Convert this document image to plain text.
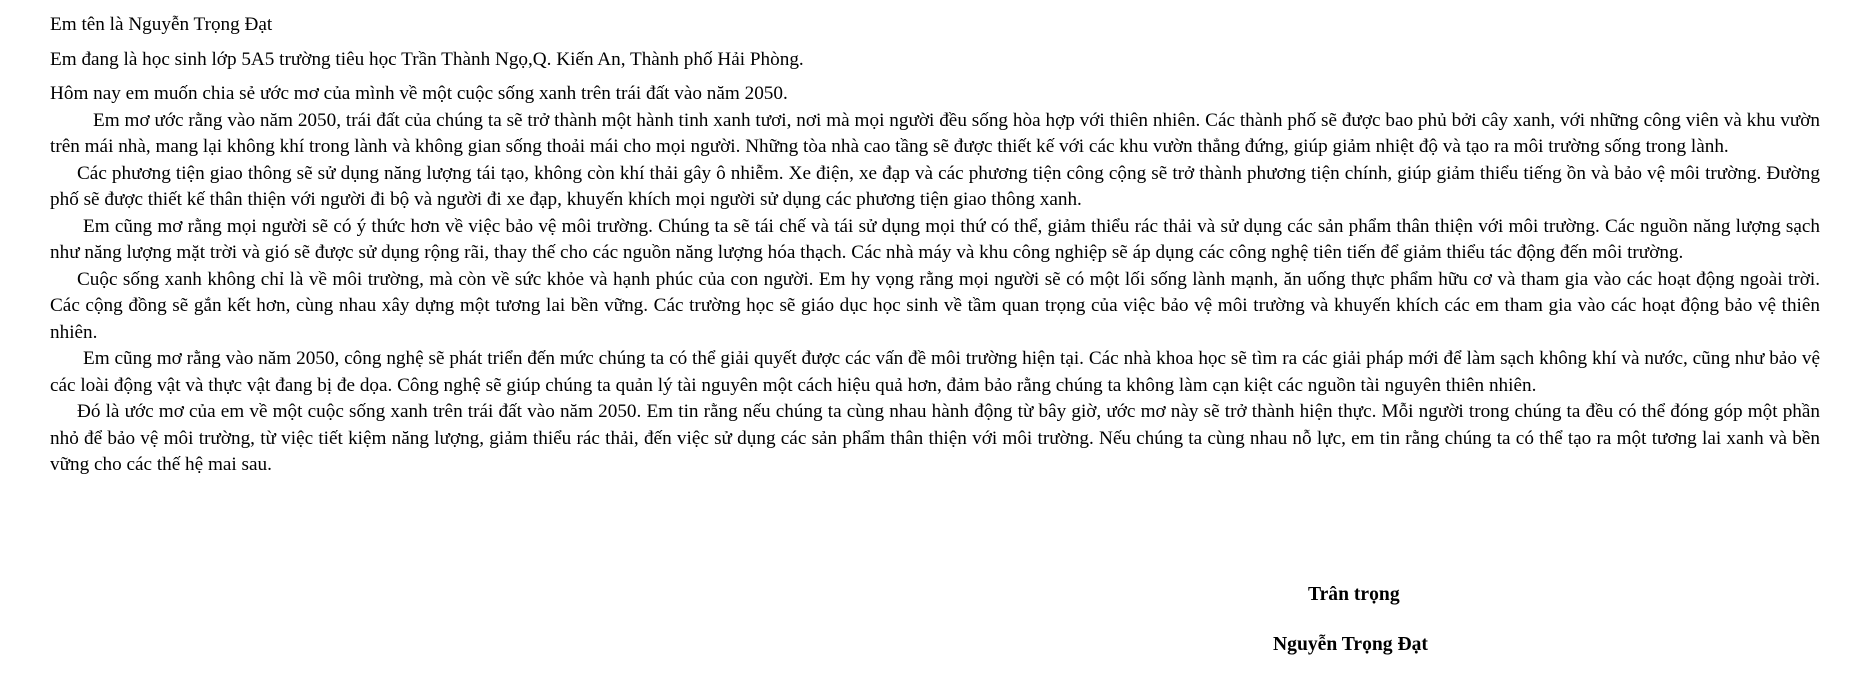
Em tên là Nguyễn Trọng Đạt

Em đang là học sinh lớp 5A5 trường tiêu học Trần Thành Ngọ,Q. Kiến An, Thành phố Hải Phòng.

Hôm nay em muốn chia sẻ ước mơ của mình về một cuộc sống xanh trên trái đất vào năm 2050.

Em mơ ước rằng vào năm 2050, trái đất của chúng ta sẽ trở thành một hành tinh xanh tươi, nơi mà mọi người đều sống hòa hợp với thiên nhiên. Các thành phố sẽ được bao phủ bởi cây xanh, với những công viên và khu vườn trên mái nhà, mang lại không khí trong lành và không gian sống thoải mái cho mọi người. Những tòa nhà cao tầng sẽ được thiết kế với các khu vườn thẳng đứng, giúp giảm nhiệt độ và tạo ra môi trường sống trong lành.

Các phương tiện giao thông sẽ sử dụng năng lượng tái tạo, không còn khí thải gây ô nhiễm. Xe điện, xe đạp và các phương tiện công cộng sẽ trở thành phương tiện chính, giúp giảm thiểu tiếng ồn và bảo vệ môi trường. Đường phố sẽ được thiết kế thân thiện với người đi bộ và người đi xe đạp, khuyến khích mọi người sử dụng các phương tiện giao thông xanh.

Em cũng mơ rằng mọi người sẽ có ý thức hơn về việc bảo vệ môi trường. Chúng ta sẽ tái chế và tái sử dụng mọi thứ có thể, giảm thiểu rác thải và sử dụng các sản phẩm thân thiện với môi trường. Các nguồn năng lượng sạch như năng lượng mặt trời và gió sẽ được sử dụng rộng rãi, thay thế cho các nguồn năng lượng hóa thạch. Các nhà máy và khu công nghiệp sẽ áp dụng các công nghệ tiên tiến để giảm thiểu tác động đến môi trường.

Cuộc sống xanh không chỉ là về môi trường, mà còn về sức khỏe và hạnh phúc của con người. Em hy vọng rằng mọi người sẽ có một lối sống lành mạnh, ăn uống thực phẩm hữu cơ và tham gia vào các hoạt động ngoài trời. Các cộng đồng sẽ gắn kết hơn, cùng nhau xây dựng một tương lai bền vững. Các trường học sẽ giáo dục học sinh về tầm quan trọng của việc bảo vệ môi trường và khuyến khích các em tham gia vào các hoạt động bảo vệ thiên nhiên.

Em cũng mơ rằng vào năm 2050, công nghệ sẽ phát triển đến mức chúng ta có thể giải quyết được các vấn đề môi trường hiện tại. Các nhà khoa học sẽ tìm ra các giải pháp mới để làm sạch không khí và nước, cũng như bảo vệ các loài động vật và thực vật đang bị đe dọa. Công nghệ sẽ giúp chúng ta quản lý tài nguyên một cách hiệu quả hơn, đảm bảo rằng chúng ta không làm cạn kiệt các nguồn tài nguyên thiên nhiên.

Đó là ước mơ của em về một cuộc sống xanh trên trái đất vào năm 2050. Em tin rằng nếu chúng ta cùng nhau hành động từ bây giờ, ước mơ này sẽ trở thành hiện thực. Mỗi người trong chúng ta đều có thể đóng góp một phần nhỏ để bảo vệ môi trường, từ việc tiết kiệm năng lượng, giảm thiểu rác thải, đến việc sử dụng các sản phẩm thân thiện với môi trường. Nếu chúng ta cùng nhau nỗ lực, em tin rằng chúng ta có thể tạo ra một tương lai xanh và bền vững cho các thế hệ mai sau.

Trân trọng
Nguyễn Trọng Đạt
